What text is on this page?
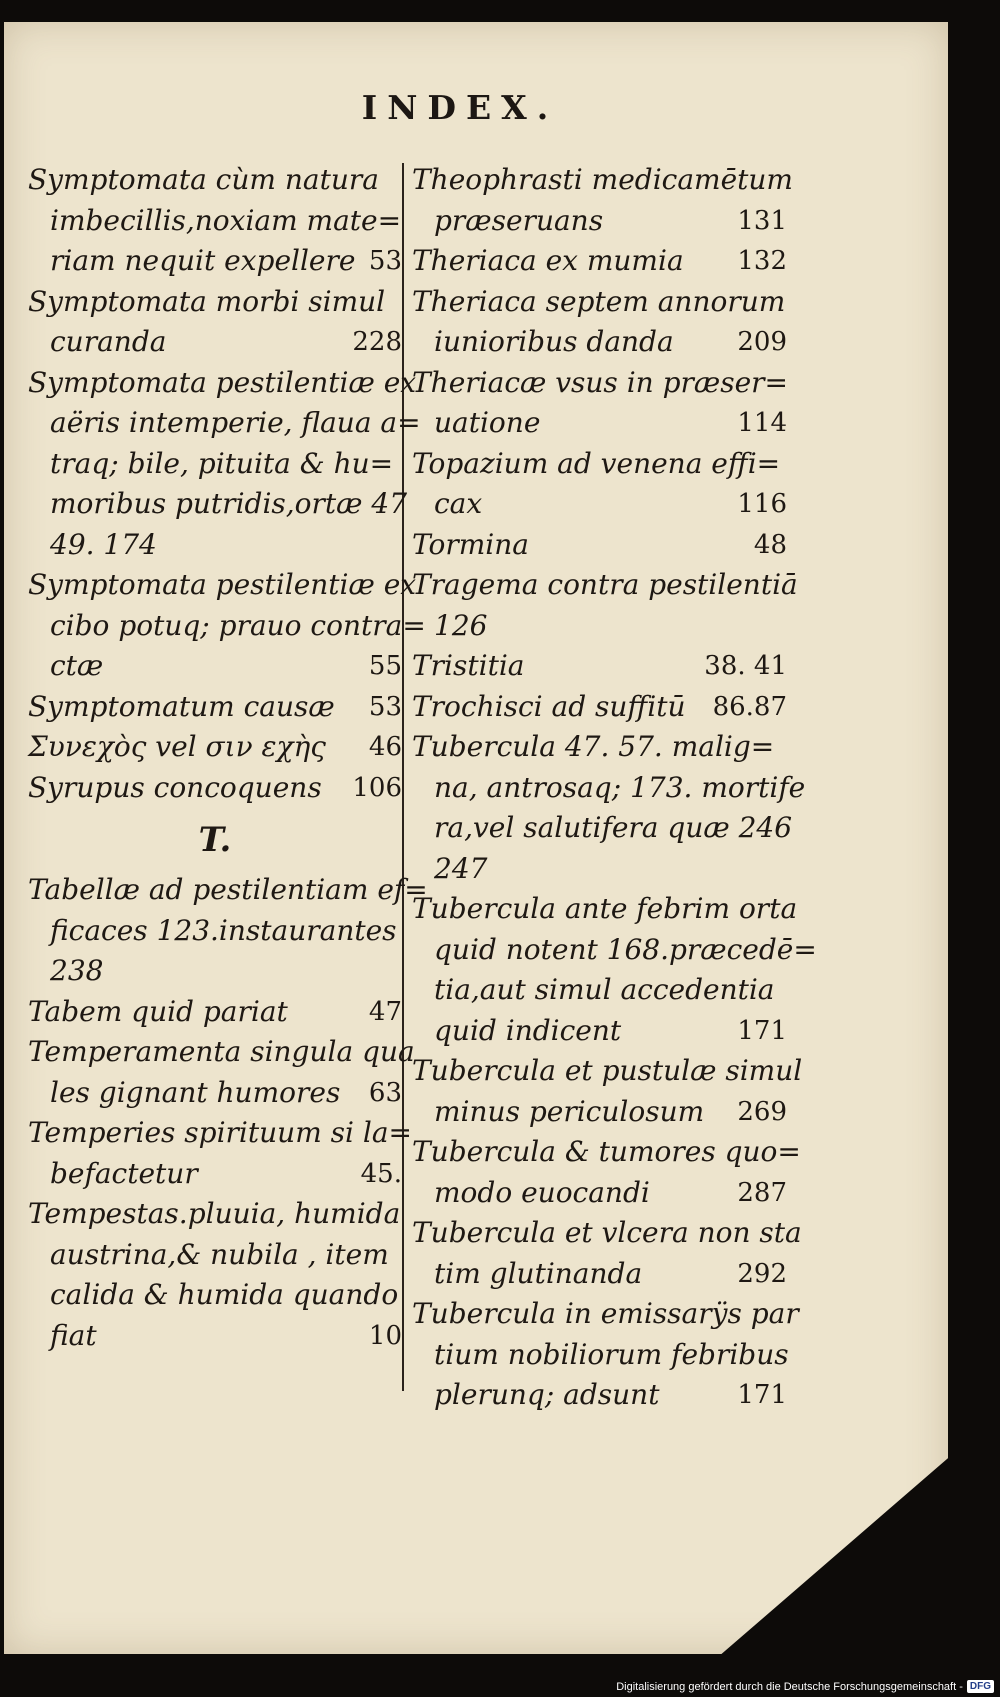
INDEX.
Symptomata cùm natura
imbecillis,noxiam mate=
riam nequit expellere 53
Symptomata morbi simul
curanda	228
Symptomata pestilentiæ ex
aëris intemperie, flaua a=
traq; bile, pituita & hu=
moribus putridis,ortæ 47
49. 174
Symptomata pestilentiæ ex
cibo potuq; prauo contra=
ctæ	55
Symptomatum causæ 53
Συνεχὸς vel σιν εχὴς 46
Syrupus concoquens 106
T.
Tabellæ ad pestilentiam ef=
ficaces 123.instaurantes
238
Tabem quid pariat	47
Temperamenta singula qua
les gignant humores 63
Temperies spirituum si la=
befactetur	45.
Tempestas.pluuia, humida
austrina,& nubila , item
calida & humida quando
fiat	10
Theophrasti medicamētum
præseruans	131
Theriaca ex mumia 132
Theriaca septem annorum
iunioribus danda 209
Theriacæ vsus in præser=
uatione	114
Topazium ad venena effi=
cax	116
Tormina	48
Tragema contra pestilentiā
126
Tristitia	38. 41
Trochisci ad suffitū 86.87
Tubercula 47. 57. malig=
na, antrosaq; 173. mortife
ra,vel salutifera quæ 246
247
Tubercula ante febrim orta
quid notent 168.præcedē=
tia,aut simul accedentia
quid indicent	171
Tubercula et pustulæ simul
minus periculosum 269
Tubercula & tumores quo=
modo euocandi	287
Tubercula et vlcera non sta
tim glutinanda	292
Tubercula in emissarÿs par
tium nobiliorum febribus
plerunq; adsunt	171
Digitalisierung gefördert durch die Deutsche Forschungsgemeinschaft - DFG
